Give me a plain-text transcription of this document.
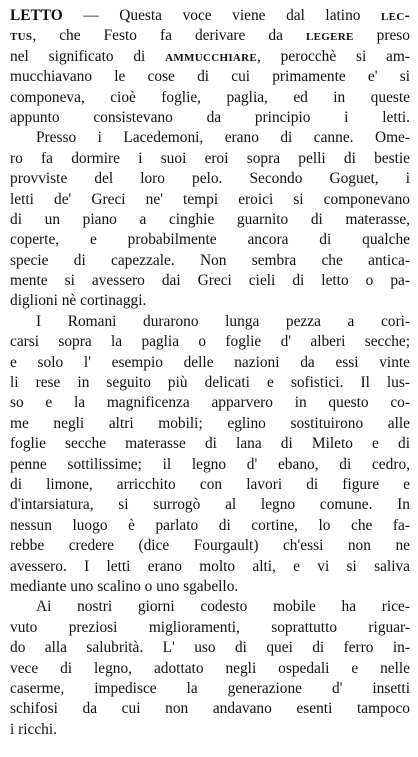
LETTO — Questa voce viene dal latino lec-
tus, che Festo fa derivare da legere preso
nel significato di ammucchiare, perocchè si am-
mucchiavano le cose di cui primamente e' si
componeva, cioè foglie, paglia, ed in queste
appunto consistevano da principio i letti.
Presso i Lacedemoni, erano di canne. Ome-
ro fa dormire i suoi eroi sopra pelli di bestie
provviste del loro pelo. Secondo Goguet, i
letti de' Greci ne' tempi eroici si componevano
di un piano a cinghie guarnito di materasse,
coperte, e probabilmente ancora di qualche
specie di capezzale. Non sembra che antica-
mente si avessero dai Greci cieli di letto o pa-
diglioni nè cortinaggi.
I Romani durarono lunga pezza a cori-
carsi sopra la paglia o foglie d' alberi secche;
e solo l' esempio delle nazioni da essi vinte
li rese in seguito più delicati e sofistici. Il lus-
so e la magnificenza apparvero in questo co-
me negli altri mobili; eglino sostituirono alle
foglie secche materasse di lana di Mileto e di
penne sottilissime; il legno d' ebano, di cedro,
di limone, arricchito con lavori di figure e
d'intarsiatura, si surrogò al legno comune. In
nessun luogo è parlato di cortine, lo che fa-
rebbe credere (dice Fourgault) ch'essi non ne
avessero. I letti erano molto alti, e vi si saliva
mediante uno scalino o uno sgabello.
Ai nostri giorni codesto mobile ha rice-
vuto preziosi miglioramenti, soprattutto riguar-
do alla salubrità. L' uso di quei di ferro in-
vece di legno, adottato negli ospedali e nelle
caserme, impedisce la generazione d' insetti
schifosi da cui non andavano esenti tampoco
i ricchi.
